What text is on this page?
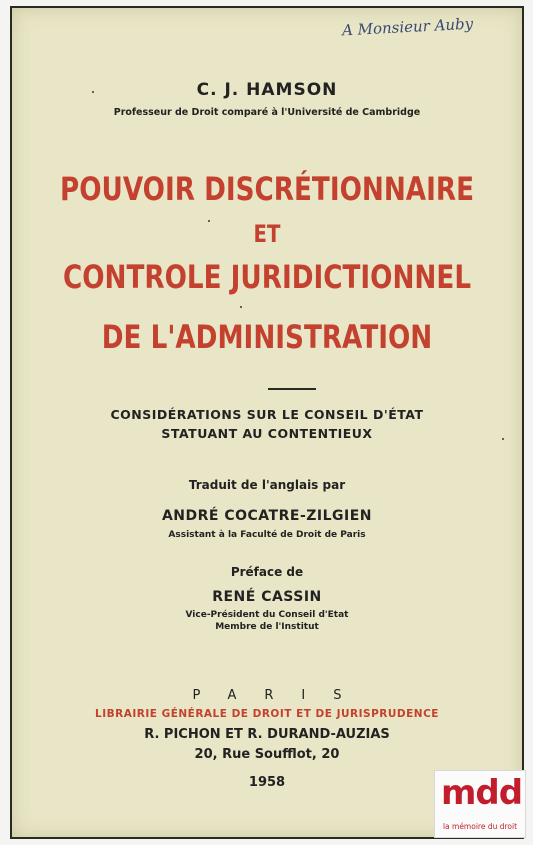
A Monsieur Auby
C. J. HAMSON
Professeur de Droit comparé à l'Université de Cambridge
POUVOIR DISCRÉTIONNAIRE
ET
CONTROLE JURIDICTIONNEL
DE L'ADMINISTRATION
CONSIDÉRATIONS SUR LE CONSEIL D'ÉTAT
STATUANT AU CONTENTIEUX
Traduit de l'anglais par
ANDRÉ COCATRE-ZILGIEN
Assistant à la Faculté de Droit de Paris
Préface de
RENÉ CASSIN
Vice-Président du Conseil d'Etat
Membre de l'Institut
PARIS
LIBRAIRIE GÉNÉRALE DE DROIT ET DE JURISPRUDENCE
R. PICHON ET R. DURAND-AUZIAS
20, Rue Soufflot, 20
1958	mdd
la mémoire du droit
